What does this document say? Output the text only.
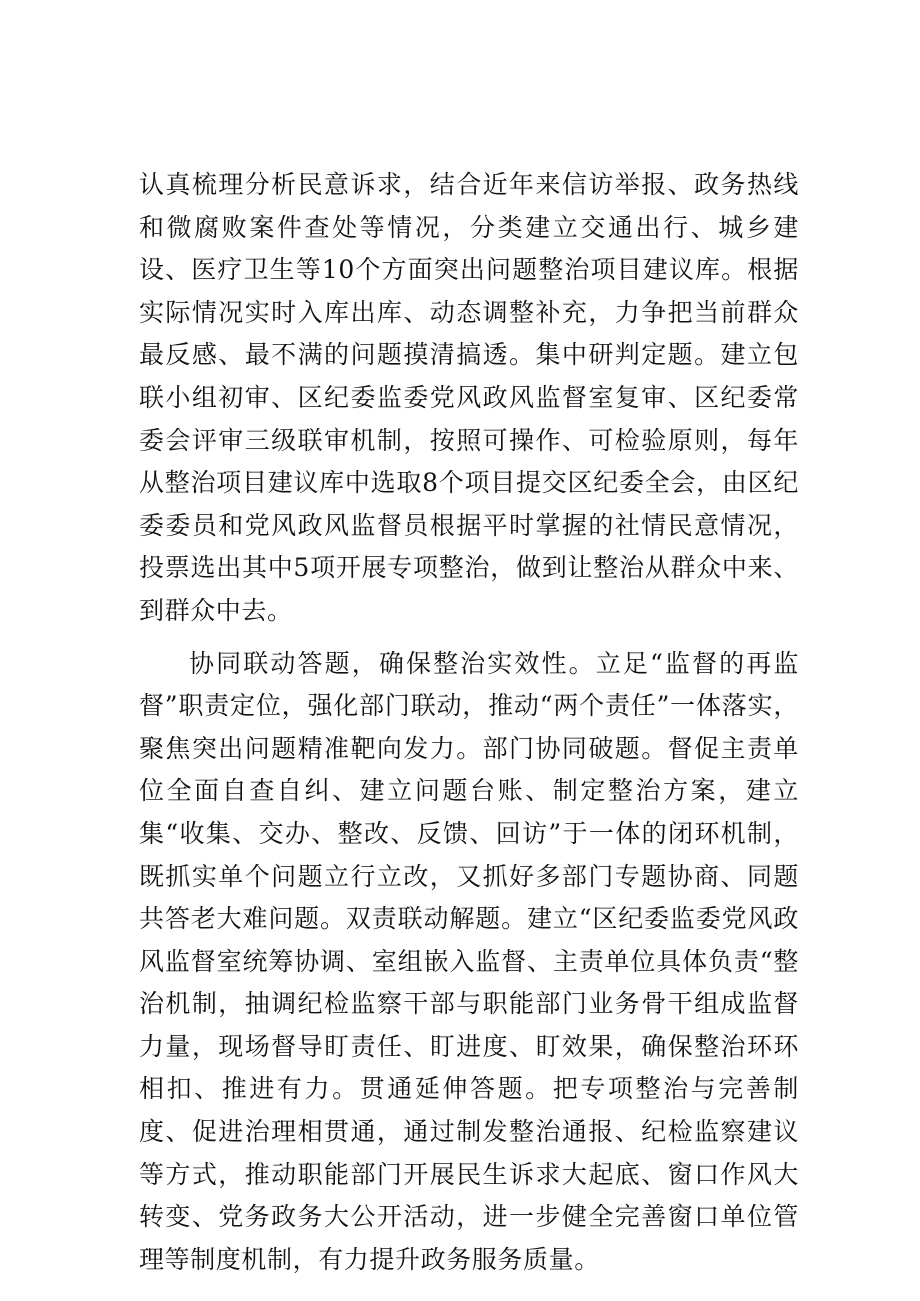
认真梳理分析民意诉求，结合近年来信访举报、政务热线和微腐败案件查处等情况，分类建立交通出行、城乡建设、医疗卫生等10个方面突出问题整治项目建议库。根据实际情况实时入库出库、动态调整补充，力争把当前群众最反感、最不满的问题摸清搞透。集中研判定题。建立包联小组初审、区纪委监委党风政风监督室复审、区纪委常委会评审三级联审机制，按照可操作、可检验原则，每年从整治项目建议库中选取8个项目提交区纪委全会，由区纪委委员和党风政风监督员根据平时掌握的社情民意情况，投票选出其中5项开展专项整治，做到让整治从群众中来、到群众中去。

协同联动答题，确保整治实效性。立足“监督的再监督”职责定位，强化部门联动，推动“两个责任”一体落实，聚焦突出问题精准靶向发力。部门协同破题。督促主责单位全面自查自纠、建立问题台账、制定整治方案，建立集“收集、交办、整改、反馈、回访”于一体的闭环机制，既抓实单个问题立行立改，又抓好多部门专题协商、同题共答老大难问题。双责联动解题。建立“区纪委监委党风政风监督室统筹协调、室组嵌入监督、主责单位具体负责“整治机制，抽调纪检监察干部与职能部门业务骨干组成监督力量，现场督导盯责任、盯进度、盯效果，确保整治环环相扣、推进有力。贯通延伸答题。把专项整治与完善制度、促进治理相贯通，通过制发整治通报、纪检监察建议等方式，推动职能部门开展民生诉求大起底、窗口作风大转变、党务政务大公开活动，进一步健全完善窗口单位管理等制度机制，有力提升政务服务质量。
